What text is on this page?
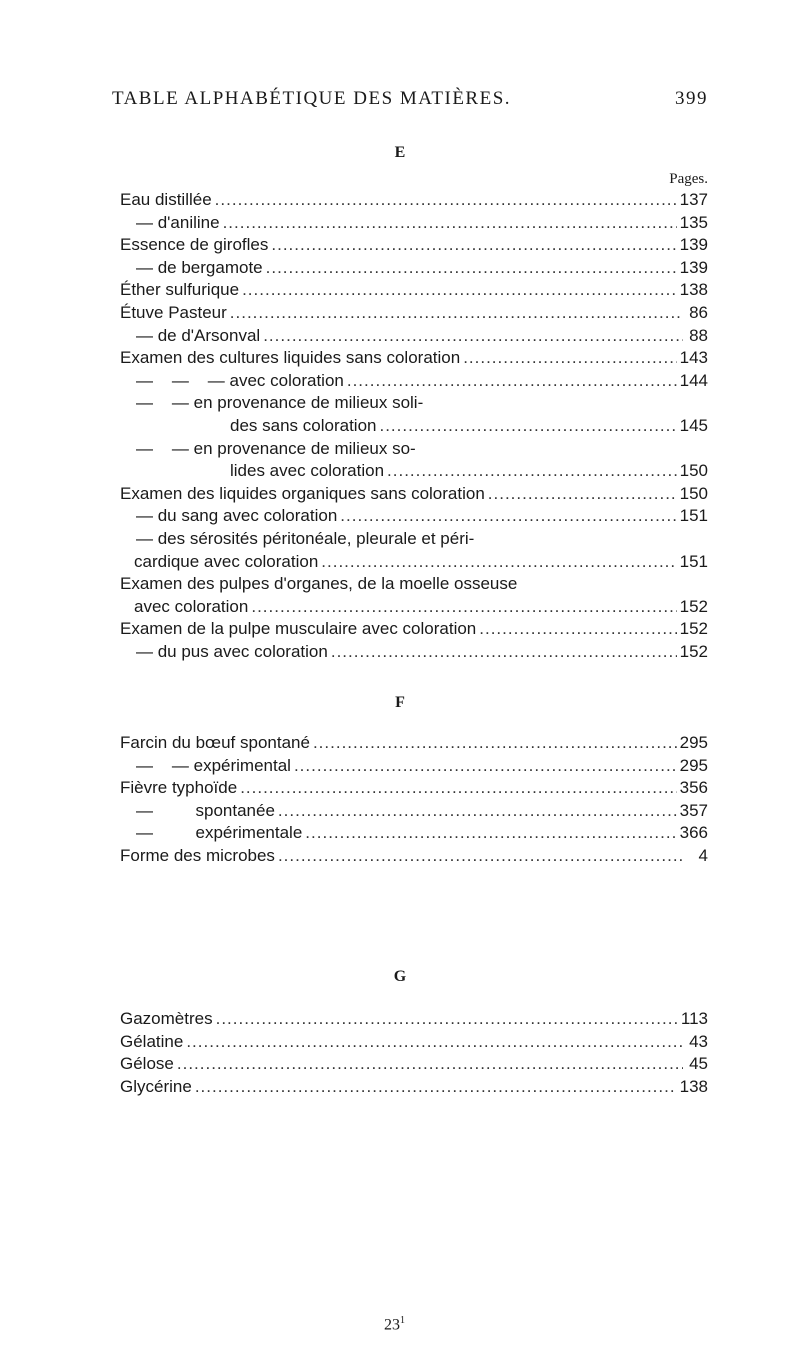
TABLE ALPHABÉTIQUE DES MATIÈRES.	399
E
Pages.
Eau distillée .....	137
— d'aniline .....	135
Essence de girofles .....	139
— de bergamote .....	139
Éther sulfurique .....	138
Étuve Pasteur .....	86
— de d'Arsonval .....	88
Examen des cultures liquides sans coloration .....	143
—    —    — avec coloration .....	144
—    — en provenance de milieux soli-
des sans coloration .....	145
—    — en provenance de milieux so-
lides avec coloration .....	150
Examen des liquides organiques sans coloration .....	150
— du sang avec coloration .....	151
— des sérosités péritonéale, pleurale et péri-
cardique avec coloration .....	151
Examen des pulpes d'organes, de la moelle osseuse
avec coloration .....	152
Examen de la pulpe musculaire avec coloration .....	152
— du pus avec coloration .....	152
F
Farcin du bœuf spontané .....	295
—    — expérimental .....	295
Fièvre typhoïde .....	356
—         spontanée .....	357
—         expérimentale .....	366
Forme des microbes .....	4
G
Gazomètres .....	113
Gélatine .....	43
Gélose .....	45
Glycérine .....	138
$23^1$
